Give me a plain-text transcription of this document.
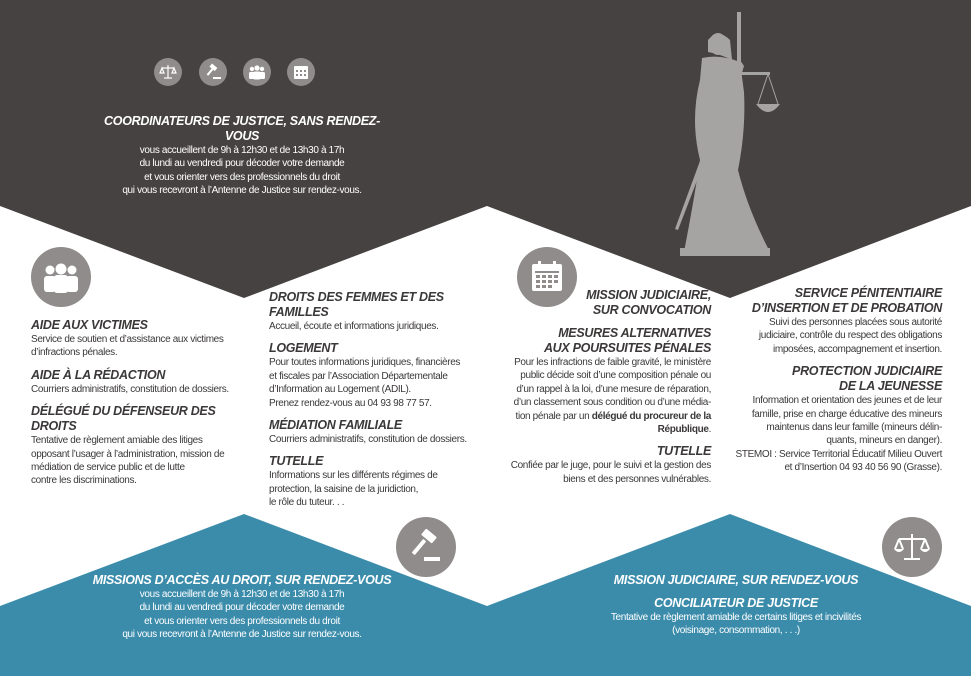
COORDINATEURS DE JUSTICE, SANS RENDEZ-VOUS

vous accueillent de 9h à 12h30 et de 13h30 à 17h

du lundi au vendredi pour décoder votre demande

et vous orienter vers des professionnels du droit

qui vous recevront à l’Antenne de Justice sur rendez-vous.

AIDE AUX VICTIMES

Service de soutien et d’assistance aux victimes

d’infractions pénales.

AIDE À LA RÉDACTION

Courriers administratifs, constitution de dossiers.

DÉLÉGUÉ DU DÉFENSEUR DES DROITS

Tentative de règlement amiable des litiges

opposant l’usager à l’administration, mission de

médiation de service public et de lutte

contre les discriminations.

DROITS DES FEMMES ET DES FAMILLES

Accueil, écoute et informations juridiques.

LOGEMENT

Pour toutes informations juridiques, financières

et fiscales par l’Association Départementale

d’Information au Logement (ADIL).

Prenez rendez-vous au 04 93 98 77 57.

MÉDIATION FAMILIALE

Courriers administratifs, constitution de dossiers.

TUTELLE

Informations sur les différents régimes de

protection, la saisine de la juridiction,

le rôle du tuteur. . .

MISSION JUDICIAIRE,

SUR CONVOCATION

MESURES ALTERNATIVES

AUX POURSUITES PÉNALES

Pour les infractions de faible gravité, le ministère

public décide soit d’une composition pénale ou

d’un rappel à la loi, d’une mesure de réparation,

d’un classement sous condition ou d’une média-

tion pénale par un délégué du procureur de la

République.

TUTELLE

Confiée par le juge, pour le suivi et la gestion des

biens et des personnes vulnérables.

SERVICE PÉNITENTIAIRE

D’INSERTION ET DE PROBATION

Suivi des personnes placées sous autorité

judiciaire, contrôle du respect des obligations

imposées, accompagnement et insertion.

PROTECTION JUDICIAIRE

DE LA JEUNESSE

Information et orientation des jeunes et de leur

famille, prise en charge éducative des mineurs

maintenus dans leur famille (mineurs délin-

quants, mineurs en danger).

STEMOI : Service Territorial Éducatif Milieu Ouvert

et d’Insertion 04 93 40 56 90 (Grasse).

MISSIONS D’ACCÈS AU DROIT, SUR RENDEZ-VOUS

vous accueillent de 9h à 12h30 et de 13h30 à 17h

du lundi au vendredi pour décoder votre demande

et vous orienter vers des professionnels du droit

qui vous recevront à l’Antenne de Justice sur rendez-vous.

MISSION JUDICIAIRE, SUR RENDEZ-VOUS

CONCILIATEUR DE JUSTICE

Tentative de règlement amiable de certains litiges et incivilités

(voisinage, consommation, . . .)
